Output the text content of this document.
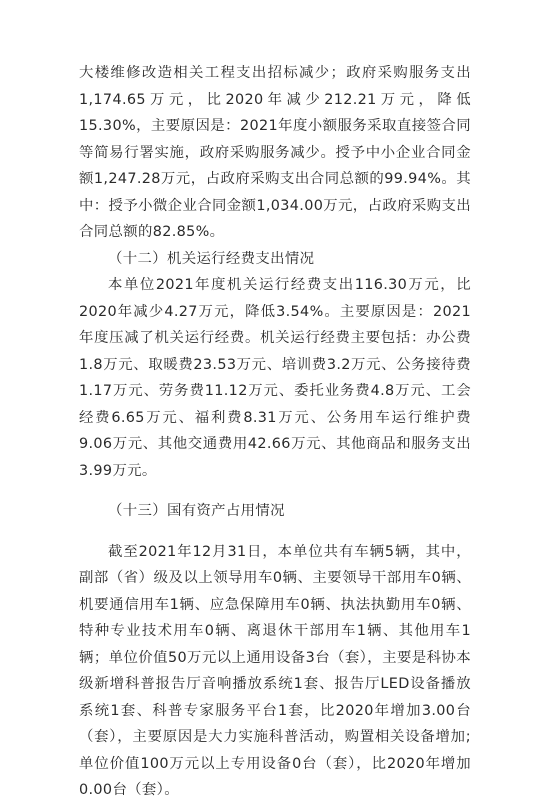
大楼维修改造相关工程支出招标减少；政府采购服务支出1,174.65万元，比2020年减少212.21万元，降低15.30%，主要原因是：2021年度小额服务采取直接签合同等简易行署实施，政府采购服务减少。授予中小企业合同金额1,247.28万元，占政府采购支出合同总额的99.94%。其中：授予小微企业合同金额1,034.00万元，占政府采购支出合同总额的82.85%。

（十二）机关运行经费支出情况

本单位2021年度机关运行经费支出116.30万元，比2020年减少4.27万元，降低3.54%。主要原因是：2021年度压减了机关运行经费。机关运行经费主要包括：办公费1.8万元、取暖费23.53万元、培训费3.2万元、公务接待费1.17万元、劳务费11.12万元、委托业务费4.8万元、工会经费6.65万元、福利费8.31万元、公务用车运行维护费9.06万元、其他交通费用42.66万元、其他商品和服务支出3.99万元。

（十三）国有资产占用情况

截至2021年12月31日，本单位共有车辆5辆，其中，副部（省）级及以上领导用车0辆、主要领导干部用车0辆、机要通信用车1辆、应急保障用车0辆、执法执勤用车0辆、特种专业技术用车0辆、离退休干部用车1辆、其他用车1辆；单位价值50万元以上通用设备3台（套），主要是科协本级新增科普报告厅音响播放系统1套、报告厅LED设备播放系统1套、科普专家服务平台1套，比2020年增加3.00台（套），主要原因是大力实施科普活动，购置相关设备增加;单位价值100万元以上专用设备0台（套），比2020年增加0.00台（套）。
